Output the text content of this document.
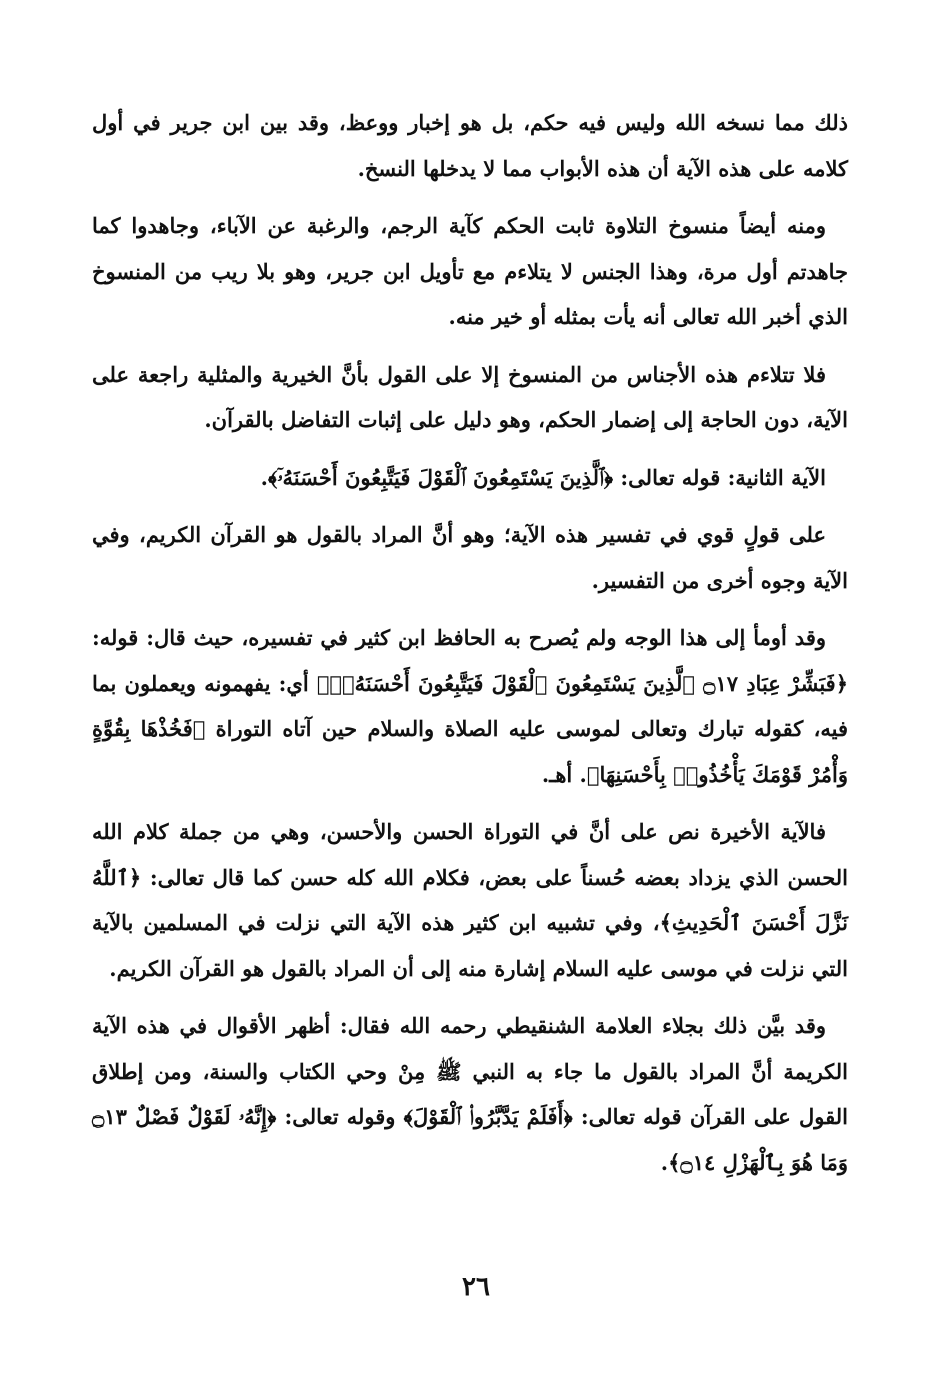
ذلك مما نسخه الله وليس فيه حكم، بل هو إخبار ووعظ، وقد بين ابن جرير في أول كلامه على هذه الآية أن هذه الأبواب مما لا يدخلها النسخ.

ومنه أيضاً منسوخ التلاوة ثابت الحكم كآية الرجم، والرغبة عن الآباء، وجاهدوا كما جاهدتم أول مرة، وهذا الجنس لا يتلاءم مع تأويل ابن جرير، وهو بلا ريب من المنسوخ الذي أخبر الله تعالى أنه يأت بمثله أو خير منه.

فلا تتلاءم هذه الأجناس من المنسوخ إلا على القول بأنَّ الخيرية والمثلية راجعة على الآية، دون الحاجة إلى إضمار الحكم، وهو دليل على إثبات التفاضل بالقرآن.

الآية الثانية: قوله تعالى: ﴿ٱلَّذِينَ يَسْتَمِعُونَ ٱلْقَوْلَ فَيَتَّبِعُونَ أَحْسَنَهُۥٓ﴾.

على قولٍ قوي في تفسير هذه الآية؛ وهو أنَّ المراد بالقول هو القرآن الكريم، وفي الآية وجوه أخرى من التفسير.

وقد أومأ إلى هذا الوجه ولم يُصرح به الحافظ ابن كثير في تفسيره، حيث قال: قوله: ﴿فَبَشِّرْ عِبَادِ ۝١٧ ٱلَّذِينَ يَسْتَمِعُونَ ٱلْقَوْلَ فَيَتَّبِعُونَ أَحْسَنَهُۥٓ﴾ أي: يفهمونه ويعملون بما فيه، كقوله تبارك وتعالى لموسى عليه الصلاة والسلام حين آتاه التوراة ﴿فَخُذْهَا بِقُوَّةٍ وَأْمُرْ قَوْمَكَ يَأْخُذُوا۟ بِأَحْسَنِهَا﴾. أهـ.

فالآية الأخيرة نص على أنَّ في التوراة الحسن والأحسن، وهي من جملة كلام الله الحسن الذي يزداد بعضه حُسناً على بعض، فكلام الله كله حسن كما قال تعالى: ﴿ٱللَّهُ نَزَّلَ أَحْسَنَ ٱلْحَدِيثِ﴾، وفي تشبيه ابن كثير هذه الآية التي نزلت في المسلمين بالآية التي نزلت في موسى عليه السلام إشارة منه إلى أن المراد بالقول هو القرآن الكريم.

وقد بيَّن ذلك بجلاء العلامة الشنقيطي رحمه الله فقال: أظهر الأقوال في هذه الآية الكريمة أنَّ المراد بالقول ما جاء به النبي ﷺ مِنْ وحي الكتاب والسنة، ومن إطلاق القول على القرآن قوله تعالى: ﴿أَفَلَمْ يَدَّبَّرُوا۟ ٱلْقَوْلَ﴾ وقوله تعالى: ﴿إِنَّهُۥ لَقَوْلٌ فَصْلٌ ۝١٣ وَمَا هُوَ بِٱلْهَزْلِ ۝١٤﴾.

٢٦
